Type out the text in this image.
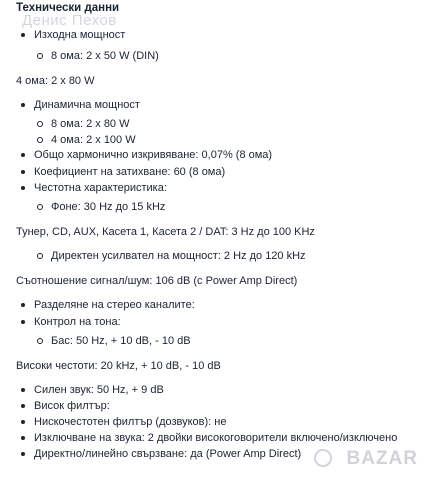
Денис Пехов
Технически данни
Изходна мощност
8 ома: 2 x 50 W (DIN)
4 ома: 2 x 80 W
Динамична мощност
8 ома: 2 x 80 W
4 ома: 2 x 100 W
Общо хармонично изкривяване: 0,07% (8 ома)
Коефициент на затихване: 60 (8 ома)
Честотна характеристика:
Фоне: 30 Hz до 15 kHz
Тунер, CD, AUX, Касета 1, Касета 2 / DAT: 3 Hz до 100 KHz
Директен усилвател на мощност: 2 Hz до 120 kHz
Съотношение сигнал/шум: 106 dB (с Power Amp Direct)
Разделяне на стерео каналите:
Контрол на тона:
Бас: 50 Hz, + 10 dB, - 10 dB
Високи честоти: 20 kHz, + 10 dB, - 10 dB
Силен звук: 50 Hz, + 9 dB
Висок филтър:
Нискочестотен филтър (дозвуков): не
Изключване на звука: 2 двойки високоговорители включено/изключено
Директно/линейно свързване: да (Power Amp Direct) BAZAR
